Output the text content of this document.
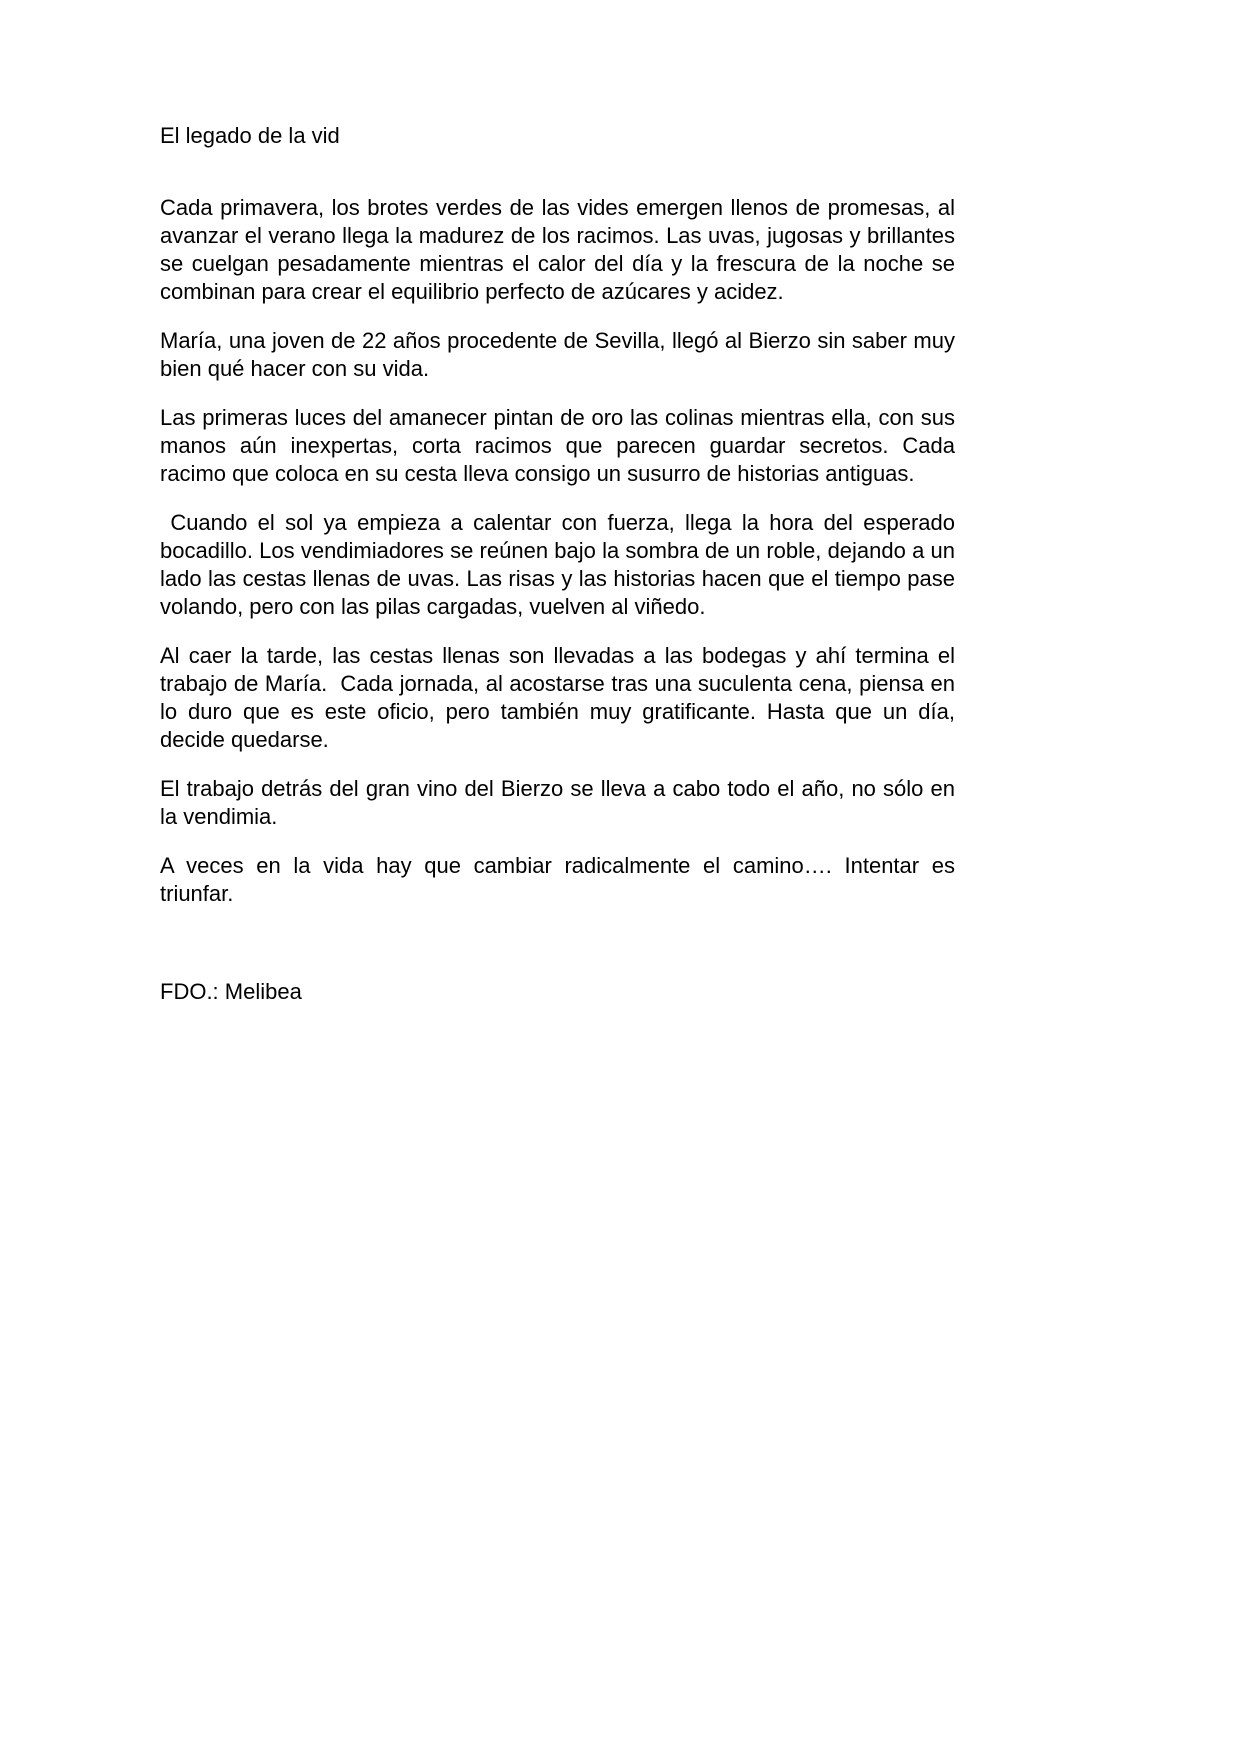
El legado de la vid

Cada primavera, los brotes verdes de las vides emergen llenos de promesas, al avanzar el verano llega la madurez de los racimos. Las uvas, jugosas y brillantes se cuelgan pesadamente mientras el calor del día y la frescura de la noche se combinan para crear el equilibrio perfecto de azúcares y acidez.

María, una joven de 22 años procedente de Sevilla, llegó al Bierzo sin saber muy bien qué hacer con su vida.

Las primeras luces del amanecer pintan de oro las colinas mientras ella, con sus manos aún inexpertas, corta racimos que parecen guardar secretos. Cada racimo que coloca en su cesta lleva consigo un susurro de historias antiguas.

Cuando el sol ya empieza a calentar con fuerza, llega la hora del esperado bocadillo. Los vendimiadores se reúnen bajo la sombra de un roble, dejando a un lado las cestas llenas de uvas. Las risas y las historias hacen que el tiempo pase volando, pero con las pilas cargadas, vuelven al viñedo.

Al caer la tarde, las cestas llenas son llevadas a las bodegas y ahí termina el trabajo de María.  Cada jornada, al acostarse tras una suculenta cena, piensa en lo duro que es este oficio, pero también muy gratificante. Hasta que un día, decide quedarse.

El trabajo detrás del gran vino del Bierzo se lleva a cabo todo el año, no sólo en la vendimia.

A veces en la vida hay que cambiar radicalmente el camino…. Intentar es triunfar.

FDO.: Melibea
